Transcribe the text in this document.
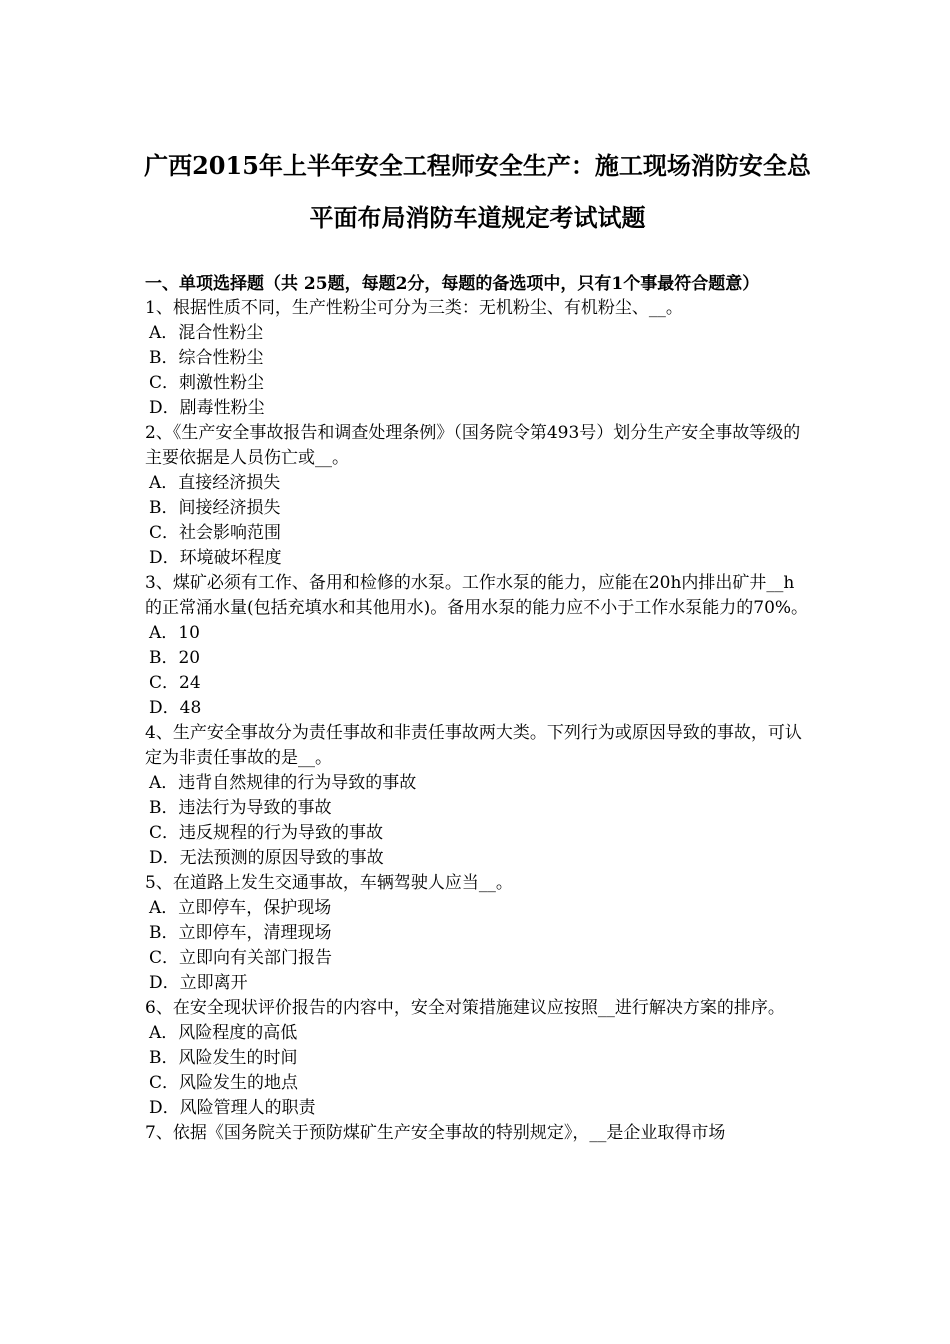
广西2015年上半年安全工程师安全生产：施工现场消防安全总平面布局消防车道规定考试试题
一、单项选择题（共 25题，每题2分，每题的备选项中，只有1个事最符合题意）
1、根据性质不同，生产性粉尘可分为三类：无机粉尘、有机粉尘、__。
A．混合性粉尘
B．综合性粉尘
C．刺激性粉尘
D．剧毒性粉尘
2、《生产安全事故报告和调查处理条例》（国务院令第493号）划分生产安全事故等级的主要依据是人员伤亡或__。
A．直接经济损失
B．间接经济损失
C．社会影响范围
D．环境破坏程度
3、煤矿必须有工作、备用和检修的水泵。工作水泵的能力，应能在20h内排出矿井__h的正常涌水量(包括充填水和其他用水)。备用水泵的能力应不小于工作水泵能力的70%。
A．10
B．20
C．24
D．48
4、生产安全事故分为责任事故和非责任事故两大类。下列行为或原因导致的事故，可认定为非责任事故的是__。
A．违背自然规律的行为导致的事故
B．违法行为导致的事故
C．违反规程的行为导致的事故
D．无法预测的原因导致的事故
5、在道路上发生交通事故，车辆驾驶人应当__。
A．立即停车，保护现场
B．立即停车，清理现场
C．立即向有关部门报告
D．立即离开
6、在安全现状评价报告的内容中，安全对策措施建议应按照__进行解决方案的排序。
A．风险程度的高低
B．风险发生的时间
C．风险发生的地点
D．风险管理人的职责
7、依据《国务院关于预防煤矿生产安全事故的特别规定》，__是企业取得市场
